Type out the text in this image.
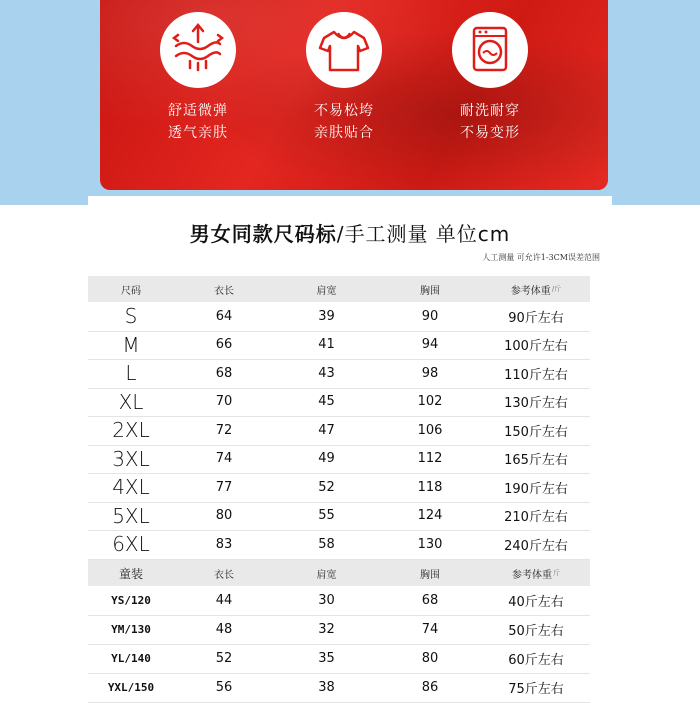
舒适微弹
透气亲肤
不易松垮
亲肤贴合
耐洗耐穿
不易变形
男女同款尺码标/手工测量 单位cm
人工测量 可允许1-3CM误差范围
尺码	衣长	肩宽	胸围	参考体重 /斤
S	64	39	90	90斤左右
M	66	41	94	100斤左右
L	68	43	98	110斤左右
XL	70	45	102	130斤左右
2XL	72	47	106	150斤左右
3XL	74	49	112	165斤左右
4XL	77	52	118	190斤左右
5XL	80	55	124	210斤左右
6XL	83	58	130	240斤左右
童装	衣长	肩宽	胸围	参考体重 斤
YS/120	44	30	68	40斤左右
YM/130	48	32	74	50斤左右
YL/140	52	35	80	60斤左右
YXL/150	56	38	86	75斤左右
